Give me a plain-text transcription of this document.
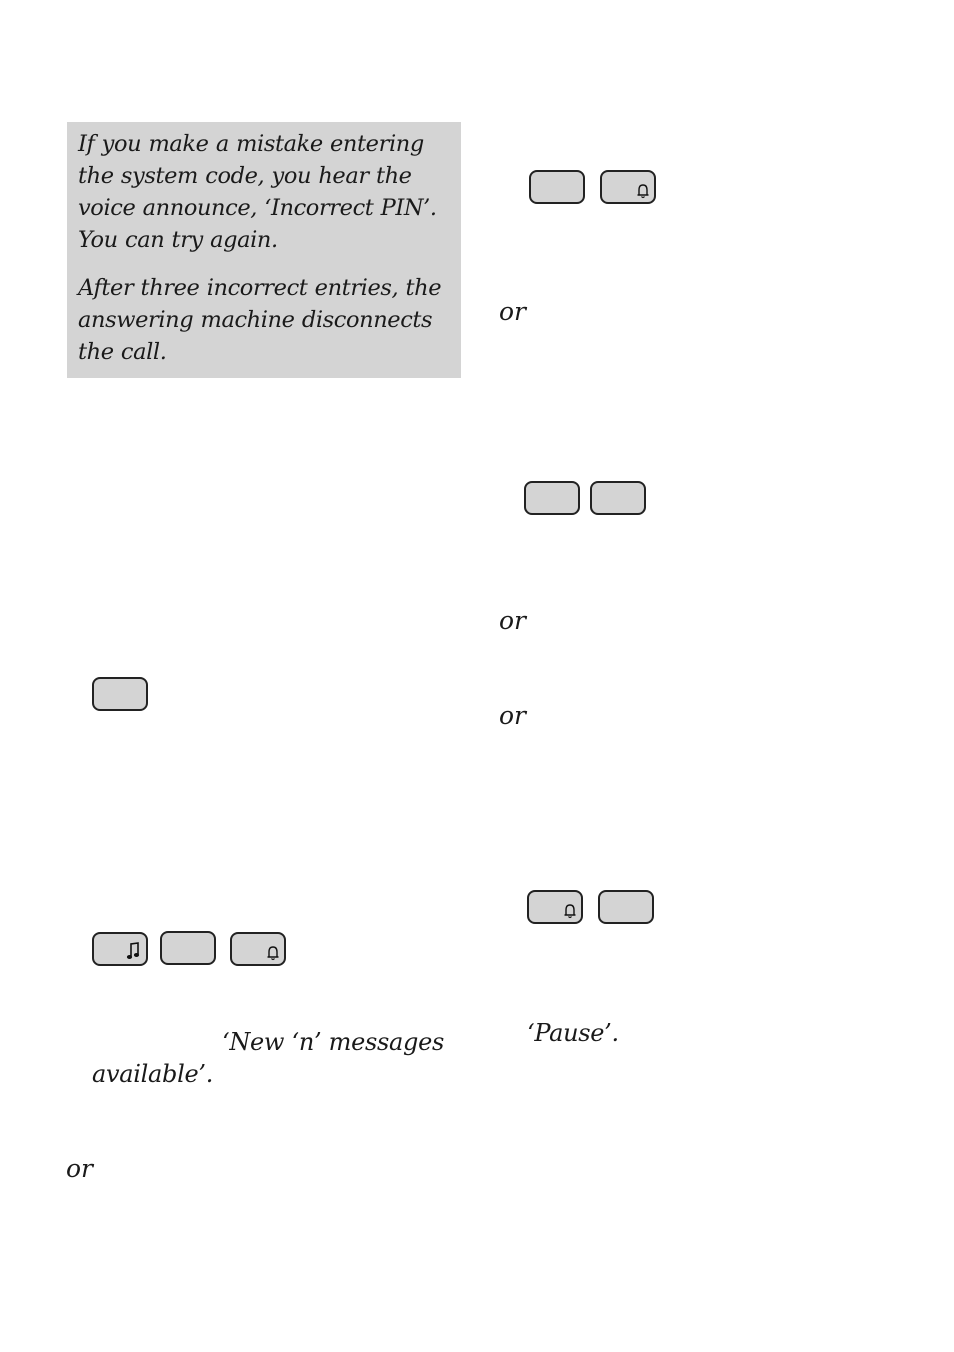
If you make a mistake entering the system code, you hear the voice announce, ‘Incorrect PIN’. You can try again.

After three incorrect entries, the answering machine disconnects the call.

‘New ‘n’ messages
available’.
or
or
or
or
‘Pause’.
